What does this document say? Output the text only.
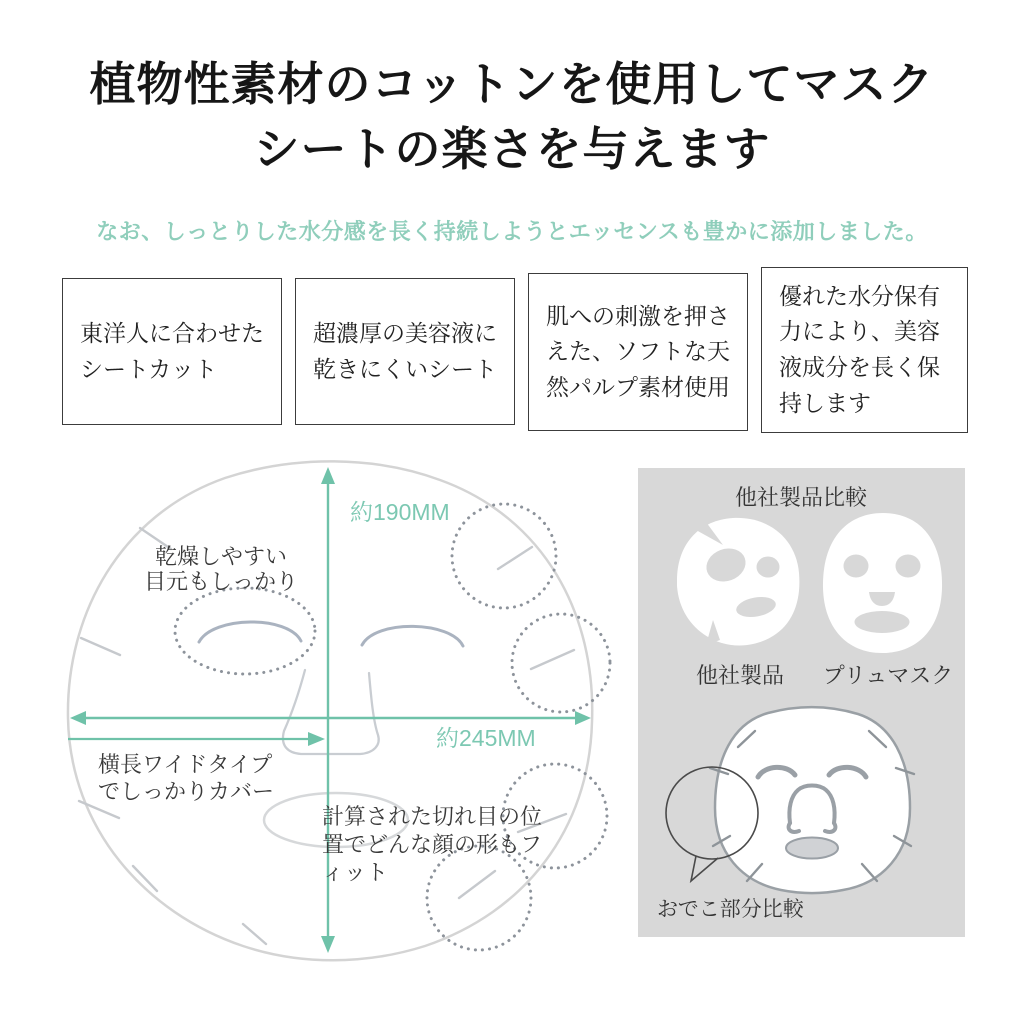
植物性素材のコットンを使用してマスク
シートの楽さを与えます

なお、しっとりした水分感を長く持続しようとエッセンスも豊かに添加しました。

東洋人に合わせた
シートカット

超濃厚の美容液に
乾きにくいシート

肌への刺激を押さ
えた、ソフトな天
然パルプ素材使用

優れた水分保有
力により、美容
液成分を長く保
持します

約190MM
約245MM
乾燥しやすい
目元もしっかり
横長ワイドタイプ
でしっかりカバー
計算された切れ目の位
置でどんな顔の形もフ
ィット
他社製品比較
他社製品 プリュマスク
おでこ部分比較
